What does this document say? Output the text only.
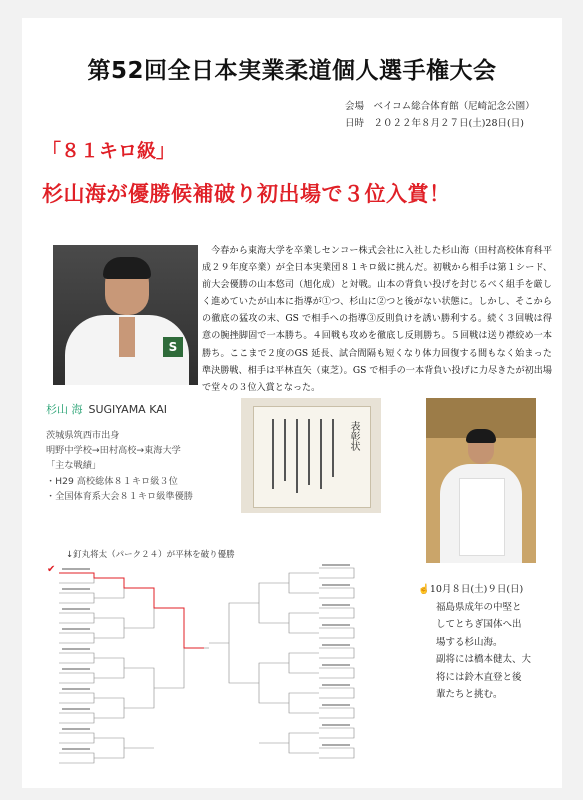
第52回全日本実業柔道個人選手権大会
会場　ベイコム総合体育館（尼崎記念公園）
日時　２０２２年８月２７日(土)28日(日)
「８１キロ級」
杉山海が優勝候補破り初出場で３位入賞！
S
今春から東海大学を卒業しセンコー株式会社に入社した杉山海（田村高校体育科平成２９年度卒業）が全日本実業団８１キロ級に挑んだ。初戦から相手は第１シード、前大会優勝の山本悠司（旭化成）と対戦。山本の背負い投げを封じるべく組手を厳しく進めていたが山本に指導が①つ、杉山に②つと後がない状態に。しかし、そこからの徹底の猛攻の末、GS で相手への指導③反則負けを誘い勝利する。続く３回戦は得意の腕挫脚固で一本勝ち。４回戦も攻めを徹底し反則勝ち。５回戦は送り襟絞め一本勝ち。ここまで２度のGS 延長、試合間隔も短くなり体力回復する間もなく始まった準決勝戦、相手は平林直矢（東芝）。GS で相手の一本背負い投げに力尽きたが初出場で堂々の３位入賞となった。
杉山 海 SUGIYAMA KAI
茨城県筑西市出身
明野中学校→田村高校→東海大学
「主な戦績」
・H29 高校総体８１キロ級３位
・全国体育系大会８１キロ級準優勝
表彰状
↓釘丸将太（パーク２４）が平林を破り優勝
✔
☝10月８日(土)９日(日)
福島県成年の中堅と
してとちぎ国体へ出
場する杉山海。
副将には橋本健太、大
将には鈴木直登と後
輩たちと挑む。
